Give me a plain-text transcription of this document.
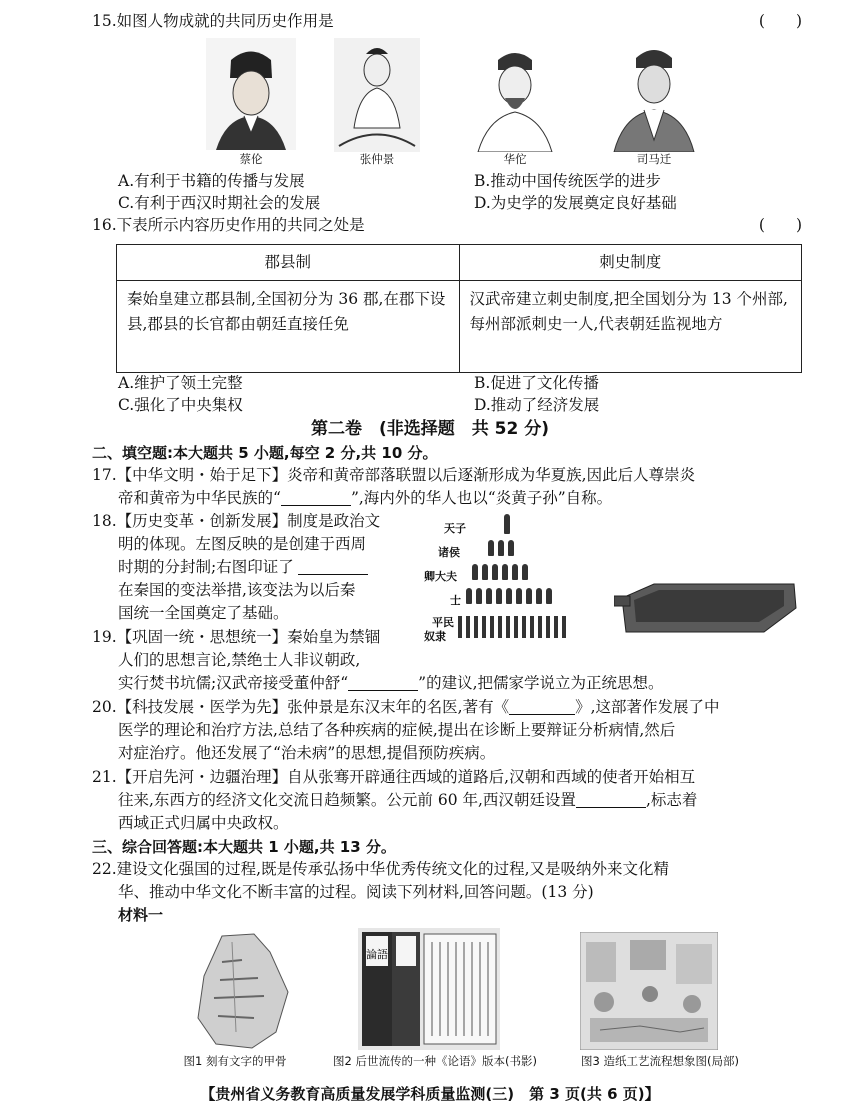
15.如图人物成就的共同历史作用是	(　　)
蔡伦	张仲景	华佗	司马迁
A.有利于书籍的传播与发展	B.推动中国传统医学的进步
C.有利于西汉时期社会的发展	D.为史学的发展奠定良好基础
16.下表所示内容历史作用的共同之处是	(　　)
郡县制	刺史制度
秦始皇建立郡县制,全国初分为 36 郡,在郡下设县,郡县的长官都由朝廷直接任免	汉武帝建立刺史制度,把全国划分为 13 个州部,每州部派刺史一人,代表朝廷监视地方
A.维护了领土完整	B.促进了文化传播
C.强化了中央集权	D.推动了经济发展
第二卷　(非选择题　共 52 分)
二、填空题:本大题共 5 小题,每空 2 分,共 10 分。
17.【中华文明・始于足下】炎帝和黄帝部落联盟以后逐渐形成为华夏族,因此后人尊崇炎
帝和黄帝为中华民族的“	”,海内外的华人也以“炎黄子孙”自称。
18.【历史变革・创新发展】制度是政治文
明的体现。左图反映的是创建于西周
时期的分封制;右图印证了
在秦国的变法举措,该变法为以后秦
国统一全国奠定了基础。
天子
诸侯
卿大夫
士
平民
奴隶
19.【巩固一统・思想统一】秦始皇为禁锢
人们的思想言论,禁绝士人非议朝政,
实行焚书坑儒;汉武帝接受董仲舒“	”的建议,把儒家学说立为正统思想。
20.【科技发展・医学为先】张仲景是东汉末年的名医,著有《	》,这部著作发展了中
医学的理论和治疗方法,总结了各种疾病的症候,提出在诊断上要辩证分析病情,然后
对症治疗。他还发展了“治未病”的思想,提倡预防疾病。
21.【开启先河・边疆治理】自从张骞开辟通往西域的道路后,汉朝和西域的使者开始相互
往来,东西方的经济文化交流日趋频繁。公元前 60 年,西汉朝廷设置	,标志着
西域正式归属中央政权。
三、综合回答题:本大题共 1 小题,共 13 分。
22.建设文化强国的过程,既是传承弘扬中华优秀传统文化的过程,又是吸纳外来文化精
华、推动中华文化不断丰富的过程。阅读下列材料,回答问题。(13 分)
材料一
論語
图1 刻有文字的甲骨	图2 后世流传的一种《论语》版本(书影)	图3 造纸工艺流程想象图(局部)
【贵州省义务教育高质量发展学科质量监测(三)　第 3 页(共 6 页)】
